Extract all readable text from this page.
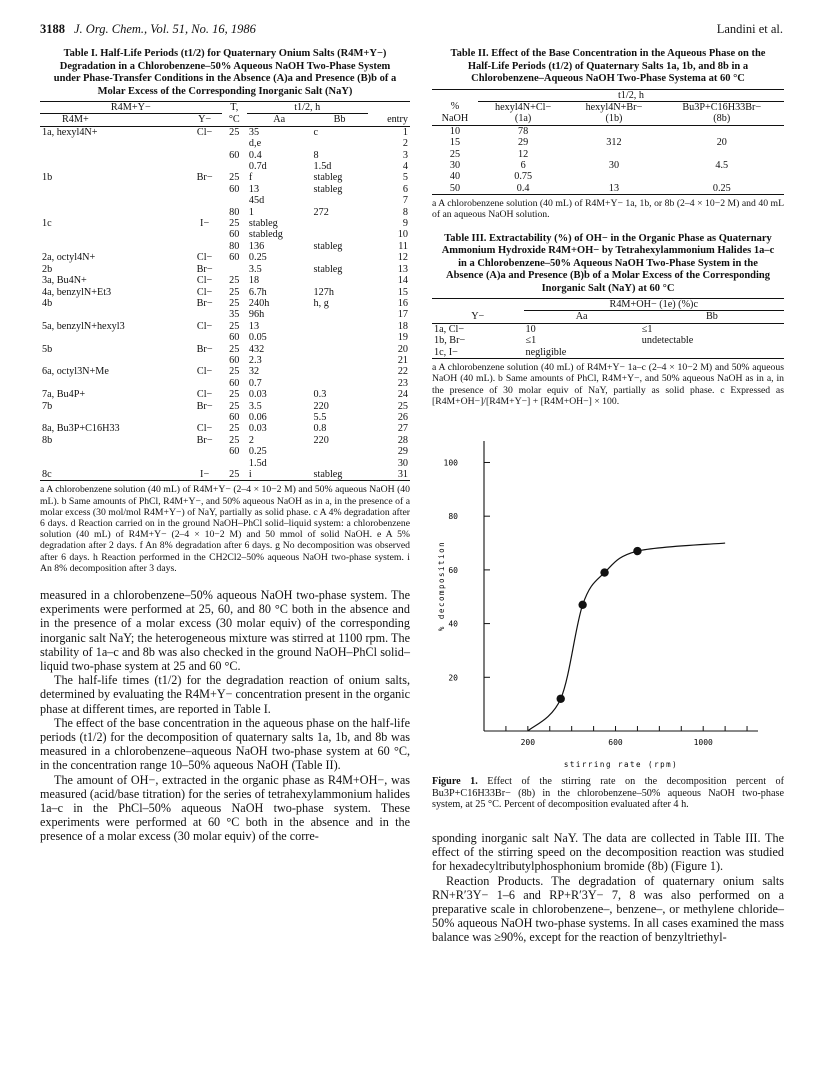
3188 J. Org. Chem., Vol. 51, No. 16, 1986	Landini et al.
Table I. Half-Life Periods (t1/2) for Quaternary Onium Salts (R4M+Y−) Degradation in a Chlorobenzene–50% Aqueous NaOH Two-Phase System under Phase-Transfer Conditions in the Absence (A)a and Presence (B)b of a Molar Excess of the Corresponding Inorganic Salt (NaY)
R4M+Y−		T,	t1/2, h		
R4M+	Y−	°C	Aa	Bb	entry
1a, hexyl4N+	Cl−	25	35	c	1
			d,e		2
		60	0.4	8	3
			0.7d	1.5d	4
1b	Br−	25	f	stableg	5
		60	13	stableg	6
			45d		7
		80	1	272	8
1c	I−	25	stableg		9
		60	stabledg		10
		80	136	stableg	11
2a, octyl4N+	Cl−	60	0.25		12
2b	Br−		3.5	stableg	13
3a, Bu4N+	Cl−	25	18		14
4a, benzylN+Et3	Cl−	25	6.7h	127h	15
4b	Br−	25	240h	h, g	16
		35	96h		17
5a, benzylN+hexyl3	Cl−	25	13		18
		60	0.05		19
5b	Br−	25	432		20
		60	2.3		21
6a, octyl3N+Me	Cl−	25	32		22
		60	0.7		23
7a, Bu4P+	Cl−	25	0.03	0.3	24
7b	Br−	25	3.5	220	25
		60	0.06	5.5	26
8a, Bu3P+C16H33	Cl−	25	0.03	0.8	27
8b	Br−	25	2	220	28
		60	0.25		29
			1.5d		30
8c	I−	25	i	stableg	31
a A chlorobenzene solution (40 mL) of R4M+Y− (2–4 × 10−2 M) and 50% aqueous NaOH (40 mL). b Same amounts of PhCl, R4M+Y−, and 50% aqueous NaOH as in a, in the presence of a molar excess (30 mol/mol R4M+Y−) of NaY, partially as solid phase. c A 4% degradation after 6 days. d Reaction carried on in the ground NaOH–PhCl solid–liquid system: a chlorobenzene solution (40 mL) of R4M+Y− (2–4 × 10−2 M) and 50 mmol of solid NaOH. e A 5% degradation after 2 days. f An 8% degradation after 6 days. g No decomposition was observed after 6 days. h Reaction performed in the CH2Cl2–50% aqueous NaOH two-phase system. i An 8% decomposition after 3 days.

measured in a chlorobenzene–50% aqueous NaOH two-phase system. The experiments were performed at 25, 60, and 80 °C both in the absence and in the presence of a molar excess (30 molar equiv) of the corresponding inorganic salt NaY; the heterogeneous mixture was stirred at 1100 rpm. The stability of 1a–c and 8b was also checked in the ground NaOH–PhCl solid–liquid two-phase system at 25 and 60 °C.

The half-life times (t1/2) for the degradation reaction of onium salts, determined by evaluating the R4M+Y− concentration present in the organic phase at different times, are reported in Table I.

The effect of the base concentration in the aqueous phase on the half-life periods (t1/2) for the decomposition of quaternary salts 1a, 1b, and 8b was measured in a chlorobenzene–aqueous NaOH two-phase system at 60 °C, in the concentration range 10–50% aqueous NaOH (Table II).

The amount of OH−, extracted in the organic phase as R4M+OH−, was measured (acid/base titration) for the series of tetrahexylammonium halides 1a–c in the PhCl–50% aqueous NaOH two-phase system. These experiments were performed at 60 °C both in the absence and in the presence of a molar excess (30 molar equiv) of the corre-

Table II. Effect of the Base Concentration in the Aqueous Phase on the Half-Life Periods (t1/2) of Quaternary Salts 1a, 1b, and 8b in a Chlorobenzene–Aqueous NaOH Two-Phase Systema at 60 °C
	t1/2, h		
%	hexyl4N+Cl−	hexyl4N+Br−	Bu3P+C16H33Br−
NaOH	(1a)	(1b)	(8b)
10	78		
15	29	312	20
25	12		
30	6	30	4.5
40	0.75		
50	0.4	13	0.25
a A chlorobenzene solution (40 mL) of R4M+Y− 1a, 1b, or 8b (2–4 × 10−2 M) and 40 mL of an aqueous NaOH solution.
Table III. Extractability (%) of OH− in the Organic Phase as Quaternary Ammonium Hydroxide R4M+OH− by Tetrahexylammonium Halides 1a–c in a Chlorobenzene–50% Aqueous NaOH Two-Phase System in the Absence (A)a and Presence (B)b of a Molar Excess of the Corresponding Inorganic Salt (NaY) at 60 °C
	R4M+OH− (1e) (%)c	
Y−	Aa	Bb
1a, Cl−	10	≤1
1b, Br−	≤1	undetectable
1c, I−	negligible	
a A chlorobenzene solution (40 mL) of R4M+Y− 1a–c (2–4 × 10−2 M) and 50% aqueous NaOH (40 mL). b Same amounts of PhCl, R4M+Y−, and 50% aqueous NaOH as in a, in the presence of 30 molar equiv of NaY, partially as solid phase. c Expressed as [R4M+OH−]/[R4M+Y−] + [R4M+OH−] × 100.
20
40
60
80
100
200	600	1000
stirring rate (rpm)
% decomposition
Figure 1. Effect of the stirring rate on the decomposition percent of Bu3P+C16H33Br− (8b) in the chlorobenzene–50% aqueous NaOH two-phase system, at 25 °C. Percent of decomposition evaluated after 4 h.

sponding inorganic salt NaY. The data are collected in Table III. The effect of the stirring speed on the decomposition reaction was studied for hexadecyltributylphosphonium bromide (8b) (Figure 1).

Reaction Products. The degradation of quaternary onium salts RN+R′3Y− 1–6 and RP+R′3Y− 7, 8 was also performed on a preparative scale in chlorobenzene–, benzene–, or methylene chloride–50% aqueous NaOH two-phase systems. In all cases examined the mass balance was ≥90%, except for the reaction of benzyltriethyl-
